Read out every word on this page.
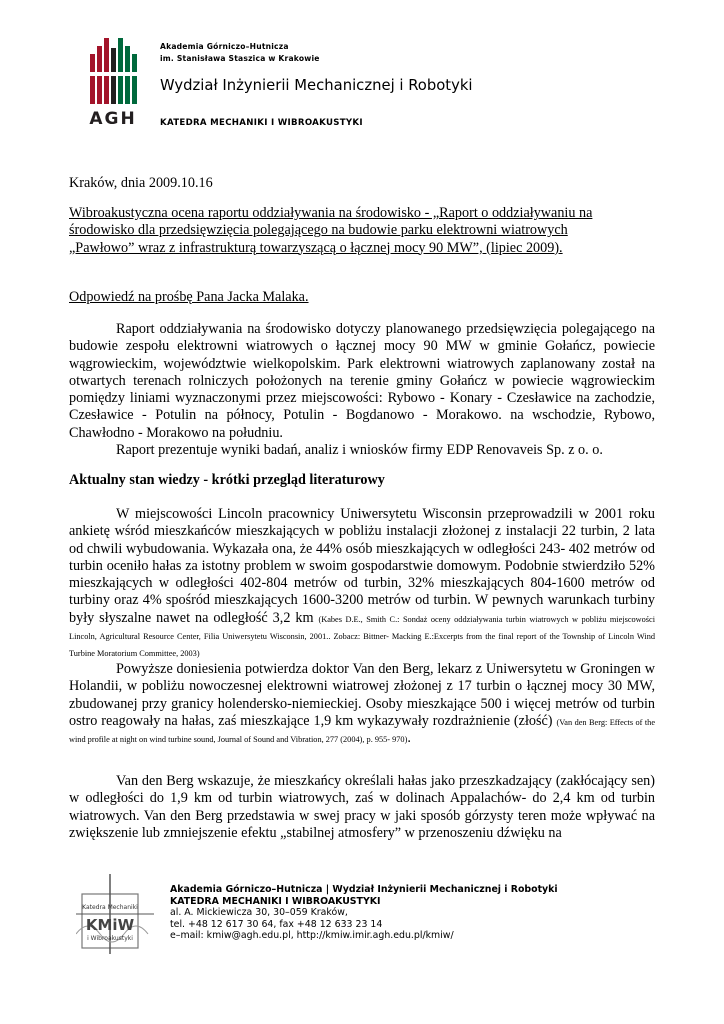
AGH
Akademia Górniczo–Hutnicza
im. Stanisława Staszica w Krakowie
Wydział Inżynierii Mechanicznej i Robotyki
KATEDRA MECHANIKI I WIBROAKUSTYKI
Kraków, dnia 2009.10.16
Wibroakustyczna ocena raportu oddziaływania na środowisko - „Raport o oddziaływaniu na środowisko dla przedsięwzięcia polegającego na budowie parku elektrowni wiatrowych „Pawłowo” wraz z infrastrukturą towarzyszącą o łącznej mocy 90 MW”, (lipiec 2009).
Odpowiedź na prośbę Pana Jacka Malaka.
Raport oddziaływania na środowisko dotyczy planowanego przedsięwzięcia polegającego na budowie zespołu elektrowni wiatrowych o łącznej mocy 90 MW w gminie Gołańcz, powiecie wągrowieckim, województwie wielkopolskim. Park elektrowni wiatrowych zaplanowany został na otwartych terenach rolniczych położonych na terenie gminy Gołańcz w powiecie wągrowieckim pomiędzy liniami wyznaczonymi przez miejscowości: Rybowo - Konary - Czesławice na zachodzie, Czesławice - Potulin na północy, Potulin - Bogdanowo - Morakowo. na wschodzie, Rybowo, Chawłodno - Morakowo na południu.
Raport prezentuje wyniki badań, analiz i wniosków firmy EDP Renovaveis Sp. z o. o.
Aktualny stan wiedzy - krótki przegląd literaturowy
W miejscowości Lincoln pracownicy Uniwersytetu Wisconsin przeprowadzili w 2001 roku ankietę wśród mieszkańców mieszkających w pobliżu instalacji złożonej z instalacji 22 turbin, 2 lata od chwili wybudowania. Wykazała ona, że 44% osób mieszkających w odległości 243- 402 metrów od turbin oceniło hałas za istotny problem w swoim gospodarstwie domowym. Podobnie stwierdziło 52% mieszkających w odległości 402-804 metrów od turbin, 32% mieszkających 804-1600 metrów od turbiny oraz 4% spośród mieszkających 1600-3200 metrów od turbin. W pewnych warunkach turbiny były słyszalne nawet na odległość 3,2 km (Kabes D.E., Smith C.: Sondaż oceny oddziaływania turbin wiatrowych w pobliżu miejscowości Lincoln, Agricultural Resource Center, Filia Uniwersytetu Wisconsin, 2001.. Zobacz: Bittner- Macking E.:Excerpts from the final report of the Township of Lincoln Wind Turbine Moratorium Committee, 2003)
Powyższe doniesienia potwierdza doktor Van den Berg, lekarz z Uniwersytetu w Groningen w Holandii, w pobliżu nowoczesnej elektrowni wiatrowej złożonej z 17 turbin o łącznej mocy 30 MW, zbudowanej przy granicy holendersko-niemieckiej. Osoby mieszkające 500 i więcej metrów od turbin ostro reagowały na hałas, zaś mieszkające 1,9 km wykazywały rozdrażnienie (złość) (Van den Berg: Effects of the wind profile at night on wind turbine sound, Journal of Sound and Vibration, 277 (2004), p. 955- 970).
Van den Berg wskazuje, że mieszkańcy określali hałas jako przeszkadzający (zakłócający sen) w odległości do 1,9 km od turbin wiatrowych, zaś w dolinach Appalachów- do 2,4 km od turbin wiatrowych. Van den Berg przedstawia w swej pracy w jaki sposób górzysty teren może wpływać na zwiększenie lub zmniejszenie efektu „stabilnej atmosfery” w przenoszeniu dźwięku na
Katedra Mechaniki
KMiW
i Wibroakustyki
Akademia Górniczo–Hutnicza | Wydział Inżynierii Mechanicznej i Robotyki
KATEDRA MECHANIKI I WIBROAKUSTYKI
al. A. Mickiewicza 30, 30–059 Kraków,
tel. +48 12 617 30 64, fax +48 12 633 23 14
e–mail: kmiw@agh.edu.pl, http://kmiw.imir.agh.edu.pl/kmiw/
